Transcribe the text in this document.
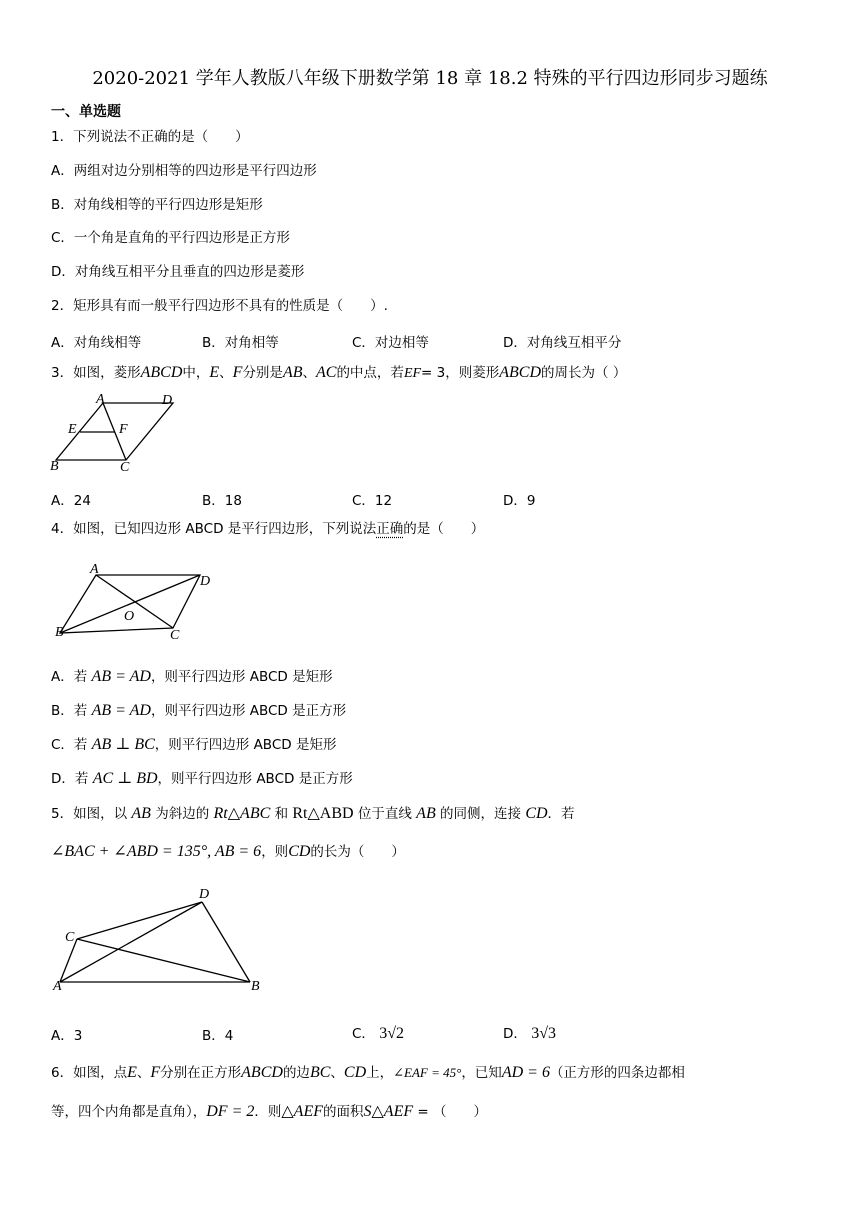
2020-2021 学年人教版八年级下册数学第 18 章 18.2 特殊的平行四边形同步习题练
一、单选题
1．下列说法不正确的是（　　）
A．两组对边分别相等的四边形是平行四边形
B．对角线相等的平行四边形是矩形
C．一个角是直角的平行四边形是正方形
D．对角线互相平分且垂直的四边形是菱形
2．矩形具有而一般平行四边形不具有的性质是（　　）.
A．对角线相等	B．对角相等	C．对边相等	D．对角线互相平分
3．如图，菱形ABCD中，E、F分别是AB、AC的中点，若EF= 3，则菱形ABCD的周长为（ ）
A	D
E	F
B	C
A．24	B．18	C．12	D．9
4．如图，已知四边形 ABCD 是平行四边形，下列说法正确的是（　　）
A
D
O
B	C
A．若 AB = AD，则平行四边形 ABCD 是矩形
B．若 AB = AD，则平行四边形 ABCD 是正方形
C．若 AB ⊥ BC，则平行四边形 ABCD 是矩形
D．若 AC ⊥ BD，则平行四边形 ABCD 是正方形
5．如图，以 AB 为斜边的 Rt△ABC 和 Rt△ABD 位于直线 AB 的同侧，连接 CD．若
∠BAC + ∠ABD = 135°, AB = 6，则CD的长为（　　）
D
C
A	B
A．3	B．4	C． 3√2	D． 3√3
6．如图，点E、F分别在正方形ABCD的边BC、CD上，∠EAF = 45°，已知AD = 6（正方形的四条边都相
等，四个内角都是直角），DF = 2．则△AEF的面积S△AEF = （　　）
